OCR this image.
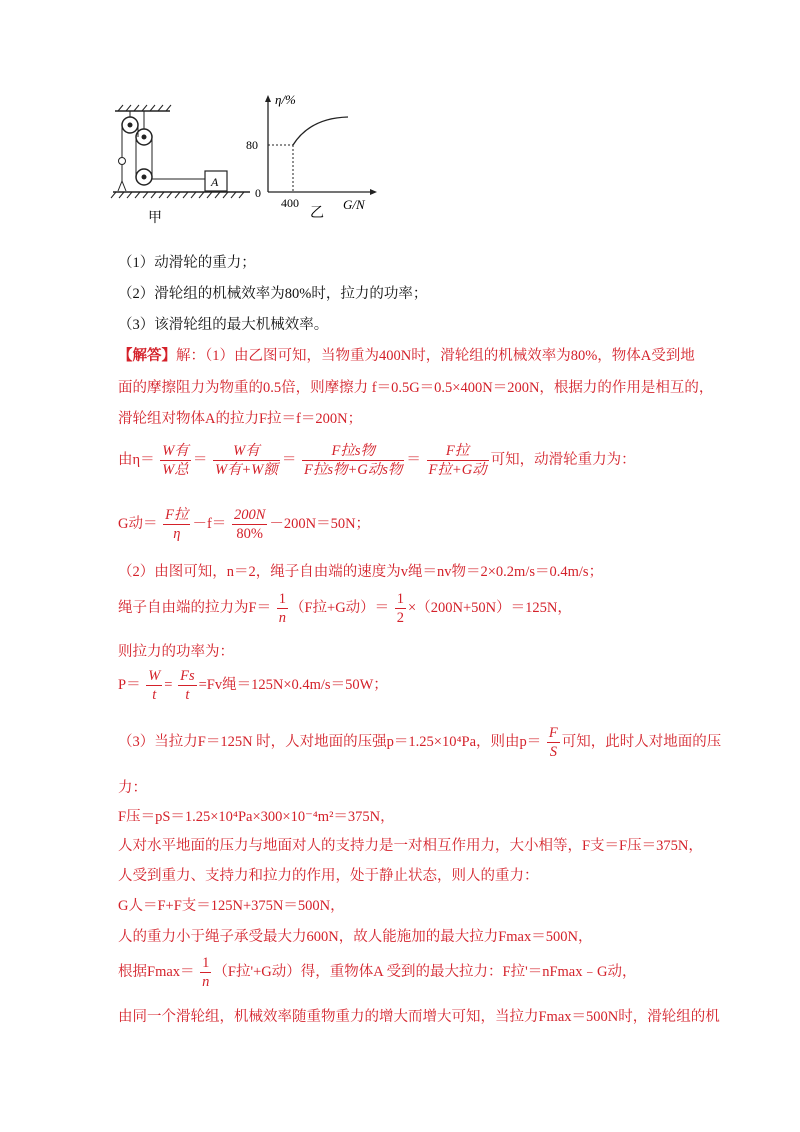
A
甲
η/%
80
0
400	G/N
乙
（1）动滑轮的重力；
（2）滑轮组的机械效率为80%时，拉力的功率；
（3）该滑轮组的最大机械效率。
【解答】解：（1）由乙图可知，当物重为400N时，滑轮组的机械效率为80%，物体A受到地
面的摩擦阻力为物重的0.5倍，则摩擦力 f＝0.5G＝0.5×400N＝200N，根据力的作用是相互的，
滑轮组对物体A的拉力F拉＝f＝200N；
由$\eta= \frac{\text{W有}}{\text{W总}} = \frac{\text{W有}}{\text{W有+W额}} = \frac{\text{F拉s物}}{\text{F拉s物+G动s物}} = \frac{\text{F拉}}{\text{F拉+G动}}$ 可知，动滑轮重力为：
G动＝ $\frac{\text{F拉}}{\eta} -f= \frac{200N}{80\%} -200N=50N$；
（2）由图可知，n＝2，绳子自由端的速度为v绳＝nv物＝2×0.2m/s＝0.4m/s；
绳子自由端的拉力为$F= \frac{1}{n} (F$拉+G动）＝ $\frac{1}{2} \times(200N+50N)=125N$，
则拉力的功率为：
$P= \frac{W}{t} = \frac{Fs}{t} =Fv$绳＝125N×0.4m/s＝50W；
（3）当拉力F＝125N 时，人对地面的压强p＝1.25×10⁴Pa，则由$p= \frac{F}{S}$ 可知，此时人对地面的压
力：
F压＝pS＝1.25×10⁴Pa×300×10⁻⁴m²＝375N，
人对水平地面的压力与地面对人的支持力是一对相互作用力，大小相等，F支＝F压＝375N，
人受到重力、支持力和拉力的作用，处于静止状态，则人的重力：
G人＝F+F支＝125N+375N＝500N，
人的重力小于绳子承受最大力600N，故人能施加的最大拉力Fmax＝500N，
根据$Fmax= \frac{1}{n} (F$拉'+G动）得，重物体A 受到的最大拉力：F拉'＝nFmax﹣G动，
由同一个滑轮组，机械效率随重物重力的增大而增大可知，当拉力Fmax＝500N时，滑轮组的机
